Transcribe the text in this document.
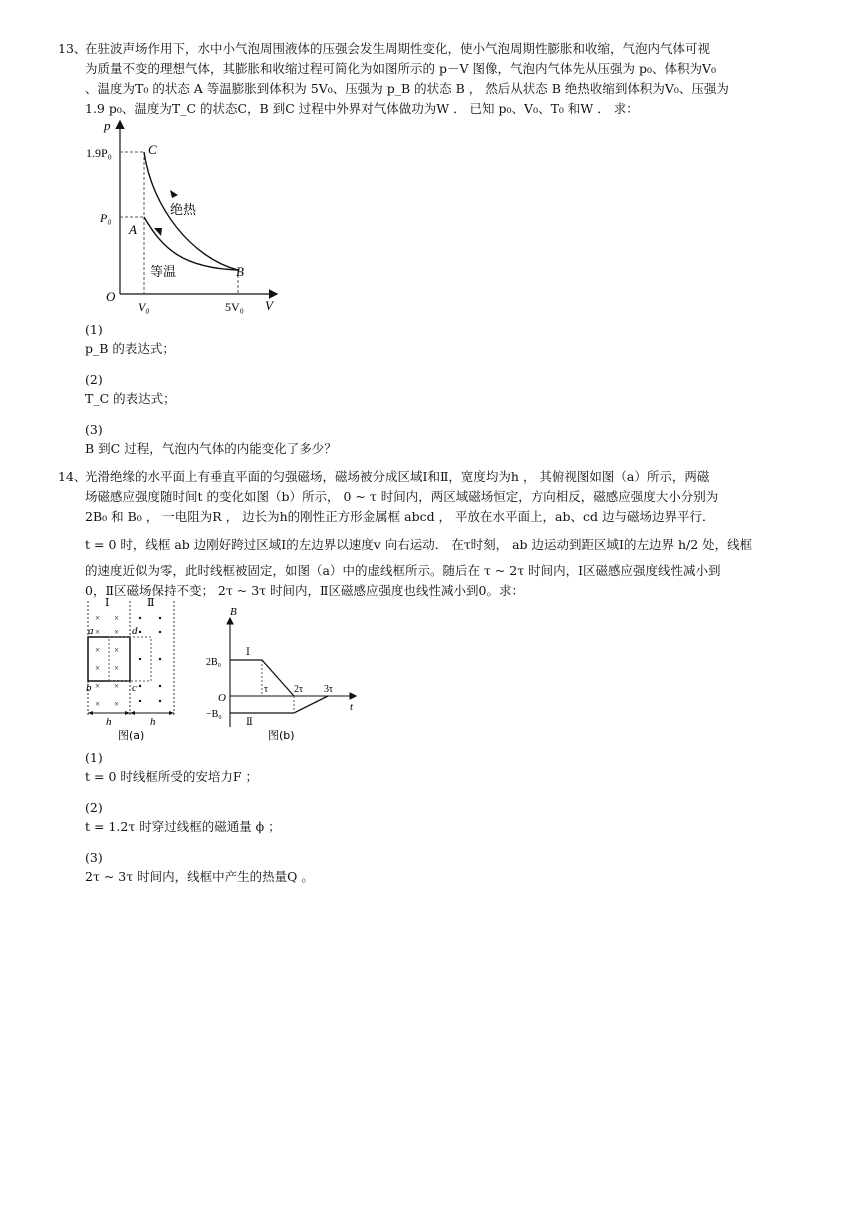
13、
在驻波声场作用下，水中小气泡周围液体的压强会发生周期性变化，使小气泡周期性膨胀和收缩，气泡内气体可视
为质量不变的理想气体，其膨胀和收缩过程可简化为如图所示的 p－V 图像，气泡内气体先从压强为 p₀、体积为V₀
、温度为T₀ 的状态 A 等温膨胀到体积为 5V₀、压强为 p_B 的状态 B ， 然后从状态 B 绝热收缩到体积为V₀、压强为
1.9 p₀、温度为T_C 的状态C，B 到C 过程中外界对气体做功为W ． 已知 p₀、V₀、T₀ 和W ． 求：
p
V
O
1.9P₀
P₀
V₀	5V₀
C
A
B
绝热
等温
(1)
p_B 的表达式；
(2)
T_C 的表达式；
(3)
B 到C 过程，气泡内气体的内能变化了多少？
14、
光滑绝缘的水平面上有垂直平面的匀强磁场，磁场被分成区域Ⅰ和Ⅱ，宽度均为h ， 其俯视图如图（a）所示，两磁
场磁感应强度随时间t 的变化如图（b）所示， 0 ~ τ 时间内，两区域磁场恒定，方向相反，磁感应强度大小分别为
2B₀ 和 B₀ ， 一电阻为R ， 边长为h的刚性正方形金属框 abcd ， 平放在水平面上，ab、cd 边与磁场边界平行．
t = 0 时，线框 ab 边刚好跨过区域Ⅰ的左边界以速度v 向右运动． 在τ时刻， ab 边运动到距区域Ⅰ的左边界 h/2 处，线框
的速度近似为零，此时线框被固定，如图（a）中的虚线框所示。随后在 τ ~ 2τ 时间内，Ⅰ区磁感应强度线性减小到
0，Ⅱ区磁场保持不变； 2τ ~ 3τ 时间内，Ⅱ区磁感应强度也线性减小到0。求：
Ⅰ	Ⅱ
× ×
× ×
× ×
× ×
× ×
× ×
a	d
b	c
h	h
图(a)
B
t
O
2B₀
−B₀
τ	2τ 3τ
Ⅰ
Ⅱ
图(b)
(1)
t = 0 时线框所受的安培力F ；
(2)
t = 1.2τ 时穿过线框的磁通量 ϕ ；
(3)
2τ ~ 3τ 时间内，线框中产生的热量Q 。
